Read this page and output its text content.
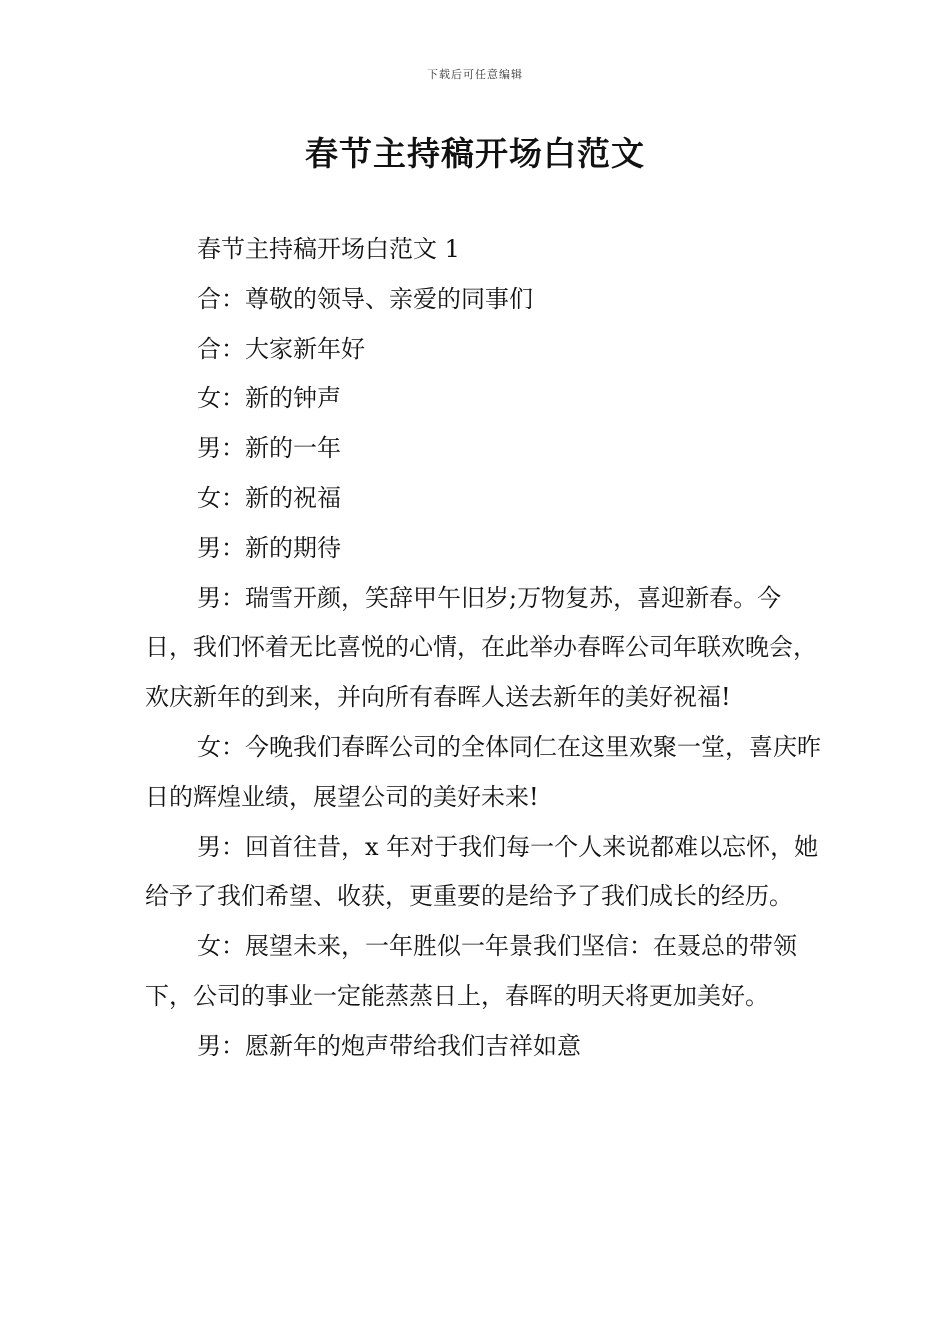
下载后可任意编辑
春节主持稿开场白范文

春节主持稿开场白范文 1

合：尊敬的领导、亲爱的同事们

合：大家新年好

女：新的钟声

男：新的一年

女：新的祝福

男：新的期待

男：瑞雪开颜，笑辞甲午旧岁;万物复苏，喜迎新春。今日，我们怀着无比喜悦的心情，在此举办春晖公司年联欢晚会，欢庆新年的到来，并向所有春晖人送去新年的美好祝福!

女：今晚我们春晖公司的全体同仁在这里欢聚一堂，喜庆昨日的辉煌业绩，展望公司的美好未来!

男：回首往昔，x 年对于我们每一个人来说都难以忘怀，她给予了我们希望、收获，更重要的是给予了我们成长的经历。

女：展望未来，一年胜似一年景我们坚信：在聂总的带领下，公司的事业一定能蒸蒸日上，春晖的明天将更加美好。

男：愿新年的炮声带给我们吉祥如意
